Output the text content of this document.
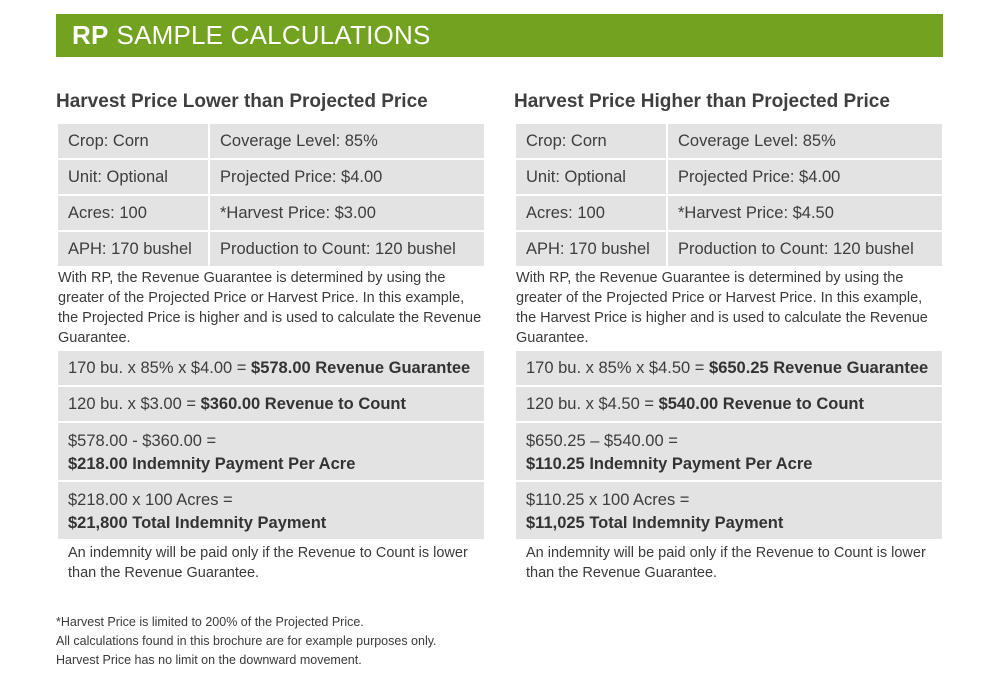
RP SAMPLE CALCULATIONS
Harvest Price Lower than Projected Price
Crop: Corn	Coverage Level: 85%
Unit: Optional	Projected Price: $4.00
Acres: 100	*Harvest Price: $3.00
APH: 170 bushel	Production to Count: 120 bushel
With RP, the Revenue Guarantee is determined by using the greater of the Projected Price or Harvest Price. In this example, the Projected Price is higher and is used to calculate the Revenue Guarantee.
170 bu. x 85% x $4.00 =
$578.00 Revenue Guarantee
120 bu. x $3.00 =
$360.00 Revenue to Count
$578.00 - $360.00 =
$218.00 Indemnity Payment Per Acre
$218.00 x 100 Acres =
$21,800 Total Indemnity Payment
An indemnity will be paid only if the Revenue to Count is lower than the Revenue Guarantee.
Harvest Price Higher than Projected Price
Crop: Corn	Coverage Level: 85%
Unit: Optional	Projected Price: $4.00
Acres: 100	*Harvest Price: $4.50
APH: 170 bushel	Production to Count: 120 bushel
With RP, the Revenue Guarantee is determined by using the greater of the Projected Price or Harvest Price. In this example, the Harvest Price is higher and is used to calculate the Revenue Guarantee.
170 bu. x 85% x $4.50 =
$650.25 Revenue Guarantee
120 bu. x $4.50 =
$540.00 Revenue to Count
$650.25 – $540.00 =
$110.25 Indemnity Payment Per Acre
$110.25 x 100 Acres =
$11,025 Total Indemnity Payment
An indemnity will be paid only if the Revenue to Count is lower than the Revenue Guarantee.
*Harvest Price is limited to 200% of the Projected Price.
All calculations found in this brochure are for example purposes only.
Harvest Price has no limit on the downward movement.
